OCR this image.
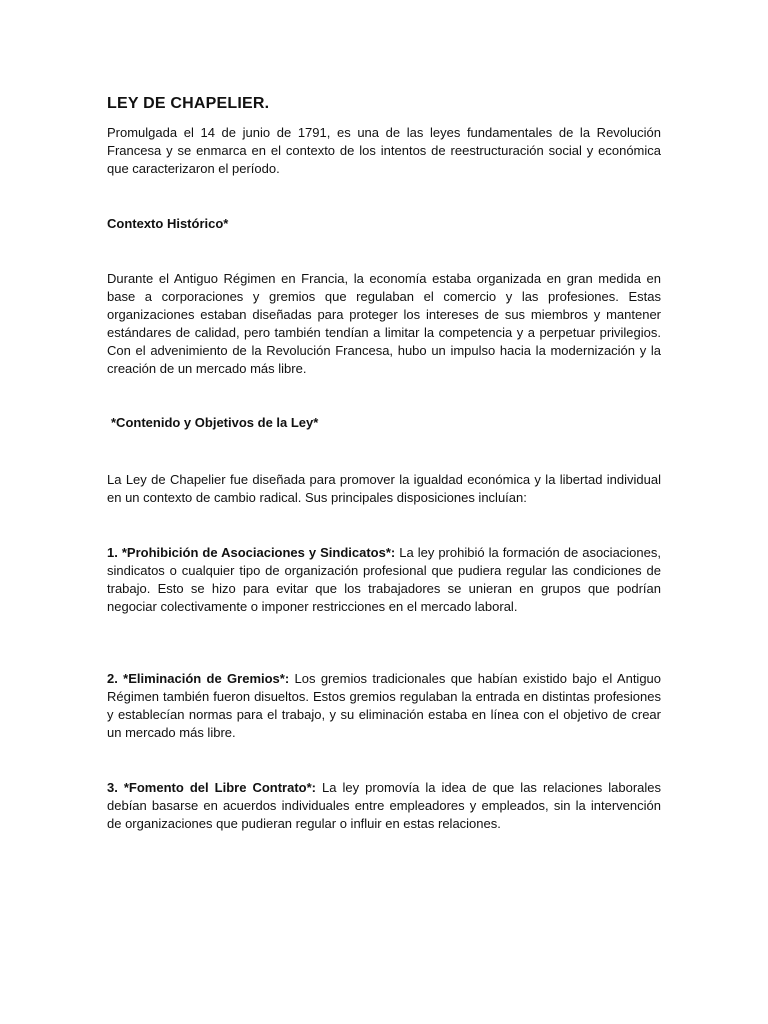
LEY DE CHAPELIER.

Promulgada el 14 de junio de 1791, es una de las leyes fundamentales de la Revolución Francesa y se enmarca en el contexto de los intentos de reestructuración social y económica que caracterizaron el período.

Contexto Histórico*

Durante el Antiguo Régimen en Francia, la economía estaba organizada en gran medida en base a corporaciones y gremios que regulaban el comercio y las profesiones. Estas organizaciones estaban diseñadas para proteger los intereses de sus miembros y mantener estándares de calidad, pero también tendían a limitar la competencia y a perpetuar privilegios. Con el advenimiento de la Revolución Francesa, hubo un impulso hacia la modernización y la creación de un mercado más libre.

*Contenido y Objetivos de la Ley*

La Ley de Chapelier fue diseñada para promover la igualdad económica y la libertad individual en un contexto de cambio radical. Sus principales disposiciones incluían:

1. *Prohibición de Asociaciones y Sindicatos*: La ley prohibió la formación de asociaciones, sindicatos o cualquier tipo de organización profesional que pudiera regular las condiciones de trabajo. Esto se hizo para evitar que los trabajadores se unieran en grupos que podrían negociar colectivamente o imponer restricciones en el mercado laboral.

2. *Eliminación de Gremios*: Los gremios tradicionales que habían existido bajo el Antiguo Régimen también fueron disueltos. Estos gremios regulaban la entrada en distintas profesiones y establecían normas para el trabajo, y su eliminación estaba en línea con el objetivo de crear un mercado más libre.

3. *Fomento del Libre Contrato*: La ley promovía la idea de que las relaciones laborales debían basarse en acuerdos individuales entre empleadores y empleados, sin la intervención de organizaciones que pudieran regular o influir en estas relaciones.
